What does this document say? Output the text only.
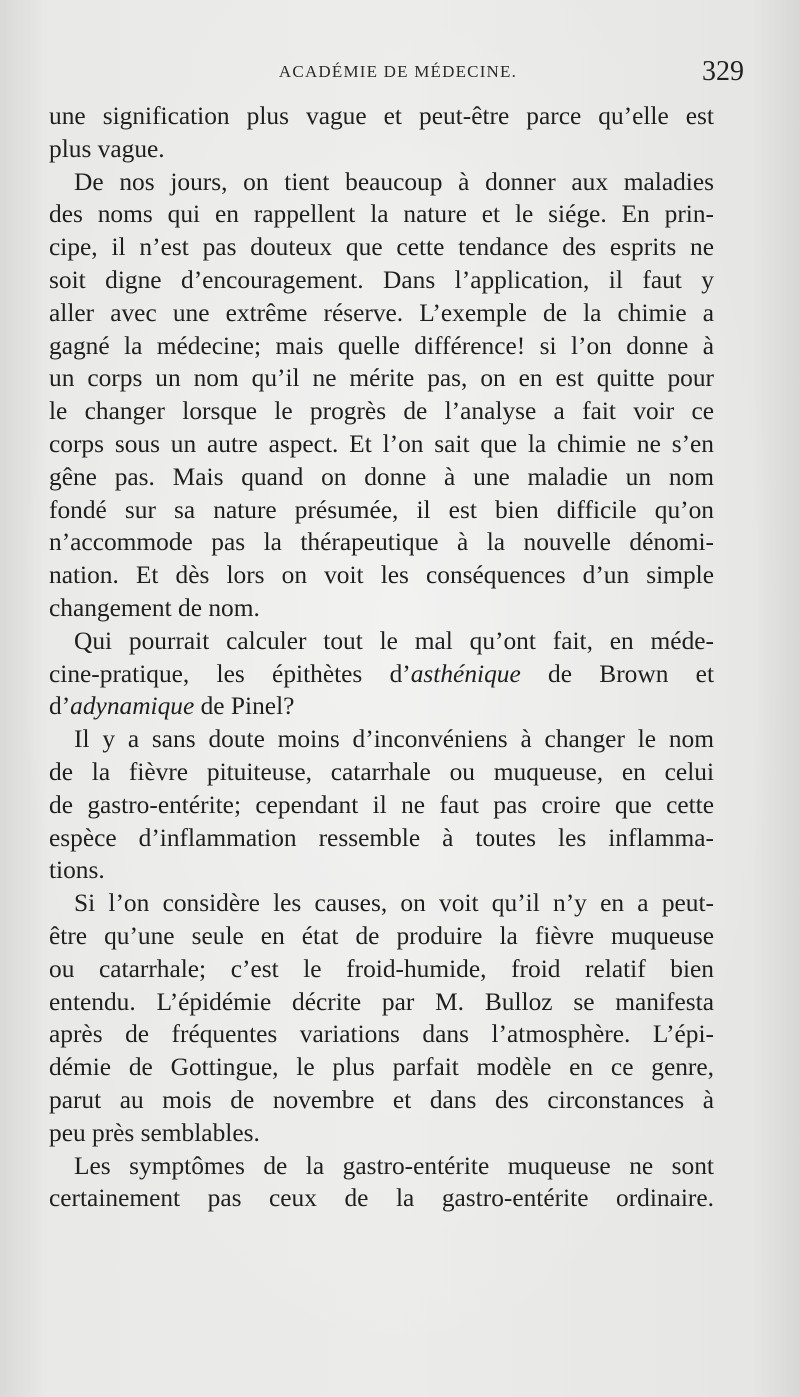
ACADÉMIE DE MÉDECINE.	329
une signification plus vague et peut-être parce qu’elle est
plus vague.
De nos jours, on tient beaucoup à donner aux maladies
des noms qui en rappellent la nature et le siége. En prin-
cipe, il n’est pas douteux que cette tendance des esprits ne
soit digne d’encouragement. Dans l’application, il faut y
aller avec une extrême réserve. L’exemple de la chimie a
gagné la médecine; mais quelle différence! si l’on donne à
un corps un nom qu’il ne mérite pas, on en est quitte pour
le changer lorsque le progrès de l’analyse a fait voir ce
corps sous un autre aspect. Et l’on sait que la chimie ne s’en
gêne pas. Mais quand on donne à une maladie un nom
fondé sur sa nature présumée, il est bien difficile qu’on
n’accommode pas la thérapeutique à la nouvelle dénomi-
nation. Et dès lors on voit les conséquences d’un simple
changement de nom.
Qui pourrait calculer tout le mal qu’ont fait, en méde-
cine-pratique, les épithètes d’asthénique de Brown et
d’adynamique de Pinel?
Il y a sans doute moins d’inconvéniens à changer le nom
de la fièvre pituiteuse, catarrhale ou muqueuse, en celui
de gastro-entérite; cependant il ne faut pas croire que cette
espèce d’inflammation ressemble à toutes les inflamma-
tions.
Si l’on considère les causes, on voit qu’il n’y en a peut-
être qu’une seule en état de produire la fièvre muqueuse
ou catarrhale; c’est le froid-humide, froid relatif bien
entendu. L’épidémie décrite par M. Bulloz se manifesta
après de fréquentes variations dans l’atmosphère. L’épi-
démie de Gottingue, le plus parfait modèle en ce genre,
parut au mois de novembre et dans des circonstances à
peu près semblables.
Les symptômes de la gastro-entérite muqueuse ne sont
certainement pas ceux de la gastro-entérite ordinaire.
